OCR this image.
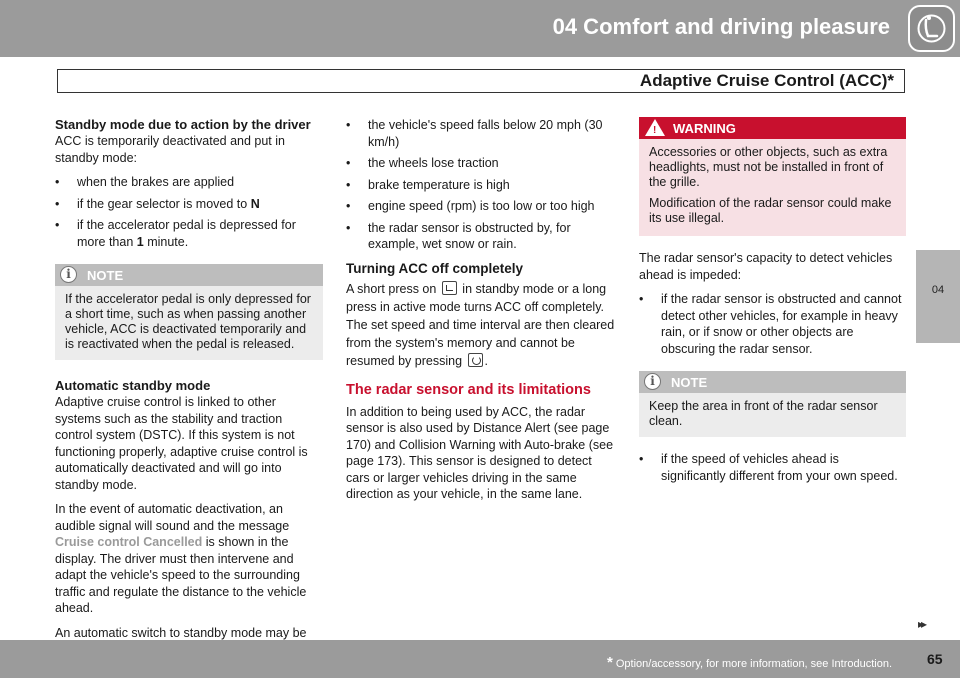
04 Comfort and driving pleasure
Adaptive Cruise Control (ACC)*
04
Standby mode due to action by the driver

ACC is temporarily deactivated and put in standby mode:

• when the brakes are applied
• if the gear selector is moved to N
• if the accelerator pedal is depressed for more than 1 minute.
i	NOTE
If the accelerator pedal is only depressed for a short time, such as when passing another vehicle, ACC is deactivated temporarily and is reactivated when the pedal is released.
Automatic standby mode

Adaptive cruise control is linked to other systems such as the stability and traction control system (DSTC). If this system is not functioning properly, adaptive cruise control is automatically deactivated and will go into standby mode.

In the event of automatic deactivation, an audible signal will sound and the message Cruise control Cancelled is shown in the display. The driver must then intervene and adapt the vehicle's speed to the surrounding traffic and regulate the distance to the vehicle ahead.

An automatic switch to standby mode may be

• the vehicle's speed falls below 20 mph (30 km/h)
• the wheels lose traction
• brake temperature is high
• engine speed (rpm) is too low or too high
• the radar sensor is obstructed by, for example, wet snow or rain.
Turning ACC off completely

A short press on  in standby mode or a long press in active mode turns ACC off completely. The set speed and time interval are then cleared from the system's memory and cannot be resumed by pressing .

The radar sensor and its limitations

In addition to being used by ACC, the radar sensor is also used by Distance Alert (see page 170) and Collision Warning with Auto-brake (see page 173). This sensor is designed to detect cars or larger vehicles driving in the same direction as your vehicle, in the same lane.

! WARNING

Accessories or other objects, such as extra headlights, must not be installed in front of the grille.

Modification of the radar sensor could make its use illegal.

The radar sensor's capacity to detect vehicles ahead is impeded:

• if the radar sensor is obstructed and cannot detect other vehicles, for example in heavy rain, or if snow or other objects are obscuring the radar sensor.
i	NOTE
Keep the area in front of the radar sensor clean.
• if the speed of vehicles ahead is significantly different from your own speed.
▸▸
* Option/accessory, for more information, see Introduction.	65
